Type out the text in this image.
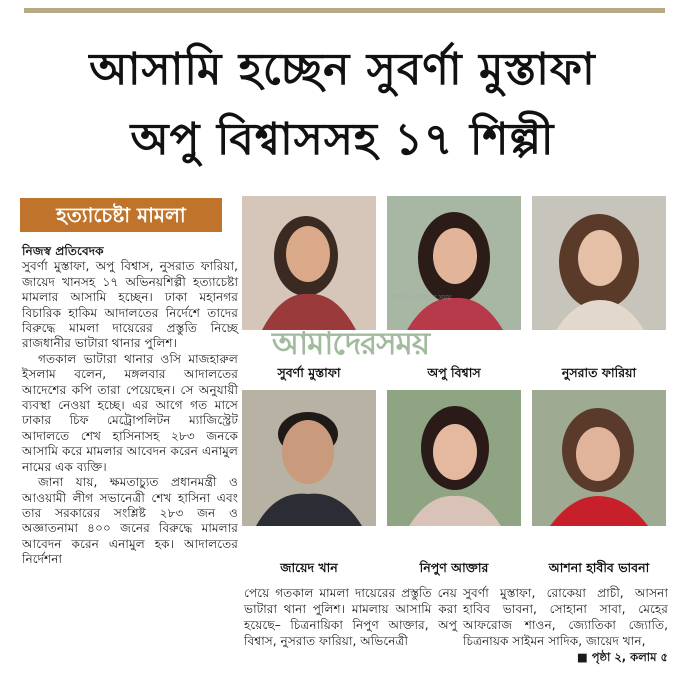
আসামি হচ্ছেন সুবর্ণা মুস্তাফা
অপু বিশ্বাসসহ ১৭ শিল্পী
হত্যাচেষ্টা মামলা

নিজস্ব প্রতিবেদক

সুবর্ণা মুস্তাফা, অপু বিশ্বাস, নুসরাত ফারিয়া, জায়েদ খানসহ ১৭ অভিনয়শিল্পী হত্যাচেষ্টা মামলার আসামি হচ্ছেন। ঢাকা মহানগর বিচারিক হাকিম আদালতের নির্দেশে তাদের বিরুদ্ধে মামলা দায়েরের প্রস্তুতি নিচ্ছে রাজধানীর ভাটারা থানার পুলিশ।

গতকাল ভাটারা থানার ওসি মাজহারুল ইসলাম বলেন, মঙ্গলবার আদালতের আদেশের কপি তারা পেয়েছেন। সে অনুযায়ী ব্যবস্থা নেওয়া হচ্ছে। এর আগে গত মাসে ঢাকার চিফ মেট্রোপলিটন ম্যাজিস্ট্রেট আদালতে শেখ হাসিনাসহ ২৮৩ জনকে আসামি করে মামলার আবেদন করেন এনামুল নামের এক ব্যক্তি।

জানা যায়, ক্ষমতাচ্যুত প্রধানমন্ত্রী ও আওয়ামী লীগ সভানেত্রী শেখ হাসিনা এবং তার সরকারের সংশ্লিষ্ট ২৮৩ জন ও অজ্ঞাতনামা ৪০০ জনের বিরুদ্ধে মামলার আবেদন করেন এনামুল হক। আদালতের নির্দেশনা

সুবর্ণা মুস্তাফা	অপু বিশ্বাস	নুসরাত ফারিয়া
জায়েদ খান	নিপুণ আক্তার	আশনা হাবীব ভাবনা
আমাদেরসময়
দৈনিক আমাদের সময়
পেয়ে গতকাল মামলা দায়েরের প্রস্তুতি নেয় ভাটারা থানা পুলিশ। মামলায় আসামি করা হয়েছে– চিত্রনায়িকা নিপুণ আক্তার, অপু বিশ্বাস, নুসরাত ফারিয়া, অভিনেত্রী
সুবর্ণা মুস্তাফা, রোকেয়া প্রাচী, আসনা হাবিব ভাবনা, সোহানা সাবা, মেহের আফরোজ শাওন, জ্যোতিকা জ্যোতি, চিত্রনায়ক সাইমন সাদিক, জায়েদ খান,
■ পৃষ্ঠা ২, কলাম ৫
